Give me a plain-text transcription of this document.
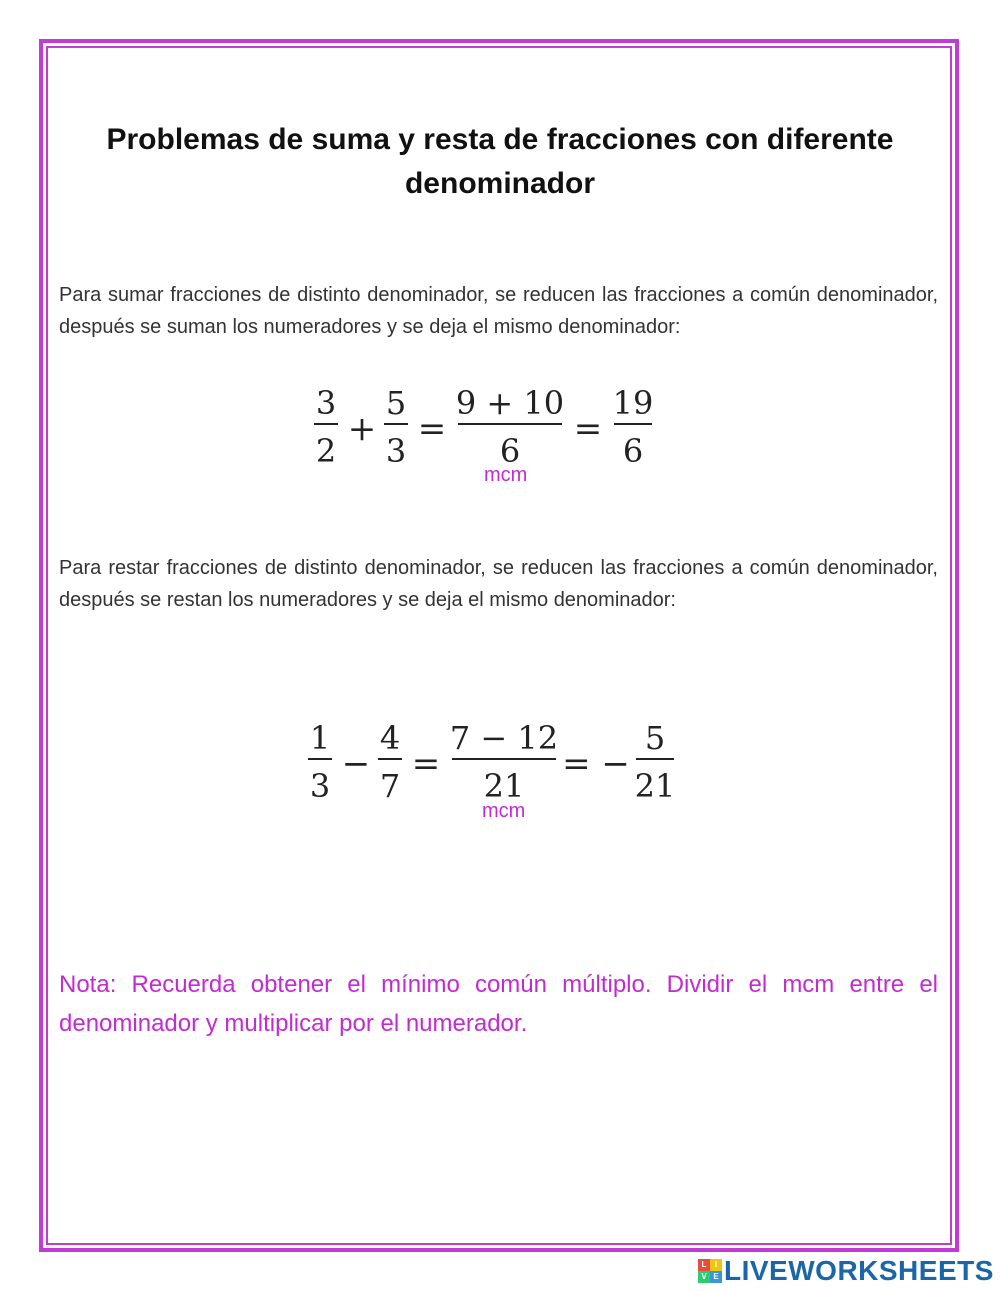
Problemas de suma y resta de fracciones con diferente denominador
Para sumar fracciones de distinto denominador, se reducen las fracciones a común denominador, después se suman los numeradores y se deja el mismo denominador:
3
2
+
5
3
=
9 + 10
6
=
19
6
mcm
Para restar fracciones de distinto denominador, se reducen las fracciones a común denominador, después se restan los numeradores y se deja el mismo denominador:
1
3
−
4
7
=
7 − 12
21
= −
5
21
mcm
Nota: Recuerda obtener el mínimo común múltiplo. Dividir el mcm entre el denominador y multiplicar por el numerador.
L	I
V E LIVEWORKSHEETS
